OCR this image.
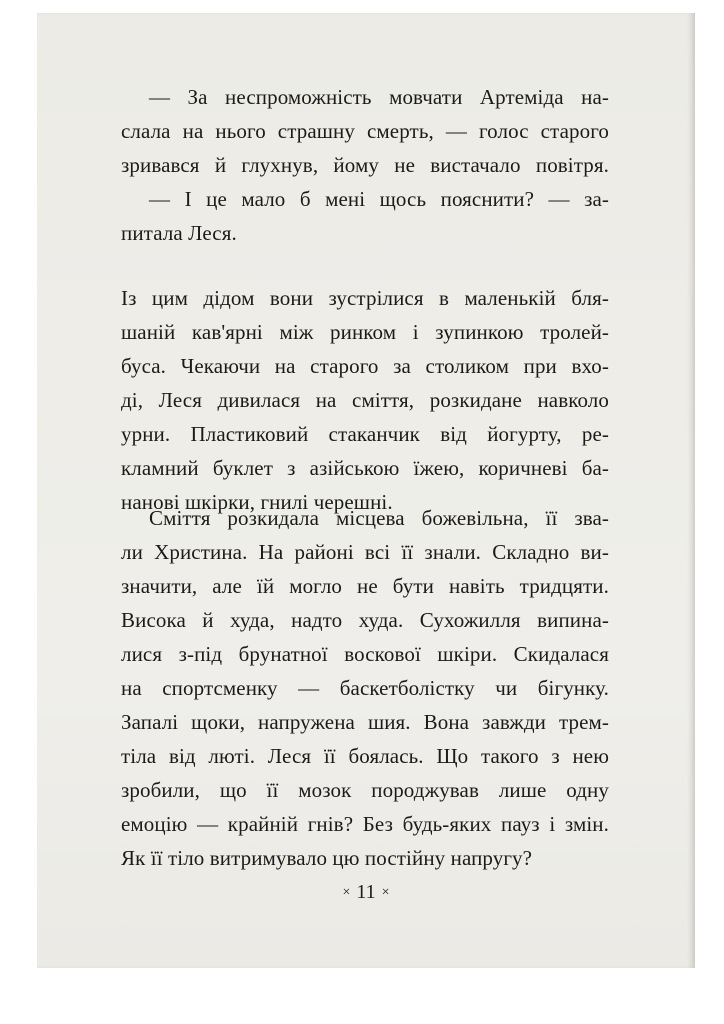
— За неспроможність мовчати Артеміда на-
слала на нього страшну смерть, — голос старого
зривався й глухнув, йому не вистачало повітря.
— І це мало б мені щось пояснити? — за-
питала Леся.
Із цим дідом вони зустрілися в маленькій бля-
шаній кав'ярні між ринком і зупинкою тролей-
буса. Чекаючи на старого за столиком при вхо-
ді, Леся дивилася на сміття, розкидане навколо
урни. Пластиковий стаканчик від йогурту, ре-
кламний буклет з азійською їжею, коричневі ба-
нанові шкірки, гнилі черешні.
Сміття розкидала місцева божевільна, її зва-
ли Христина. На районі всі її знали. Складно ви-
значити, але їй могло не бути навіть тридцяти.
Висока й худа, надто худа. Сухожилля випина-
лися з-під брунатної воскової шкіри. Скидалася
на спортсменку — баскетболістку чи бігунку.
Запалі щоки, напружена шия. Вона завжди трем-
тіла від люті. Леся її боялась. Що такого з нею
зробили, що її мозок породжував лише одну
емоцію — крайній гнів? Без будь-яких пауз і змін.
Як її тіло витримувало цю постійну напругу?
× 11 ×
